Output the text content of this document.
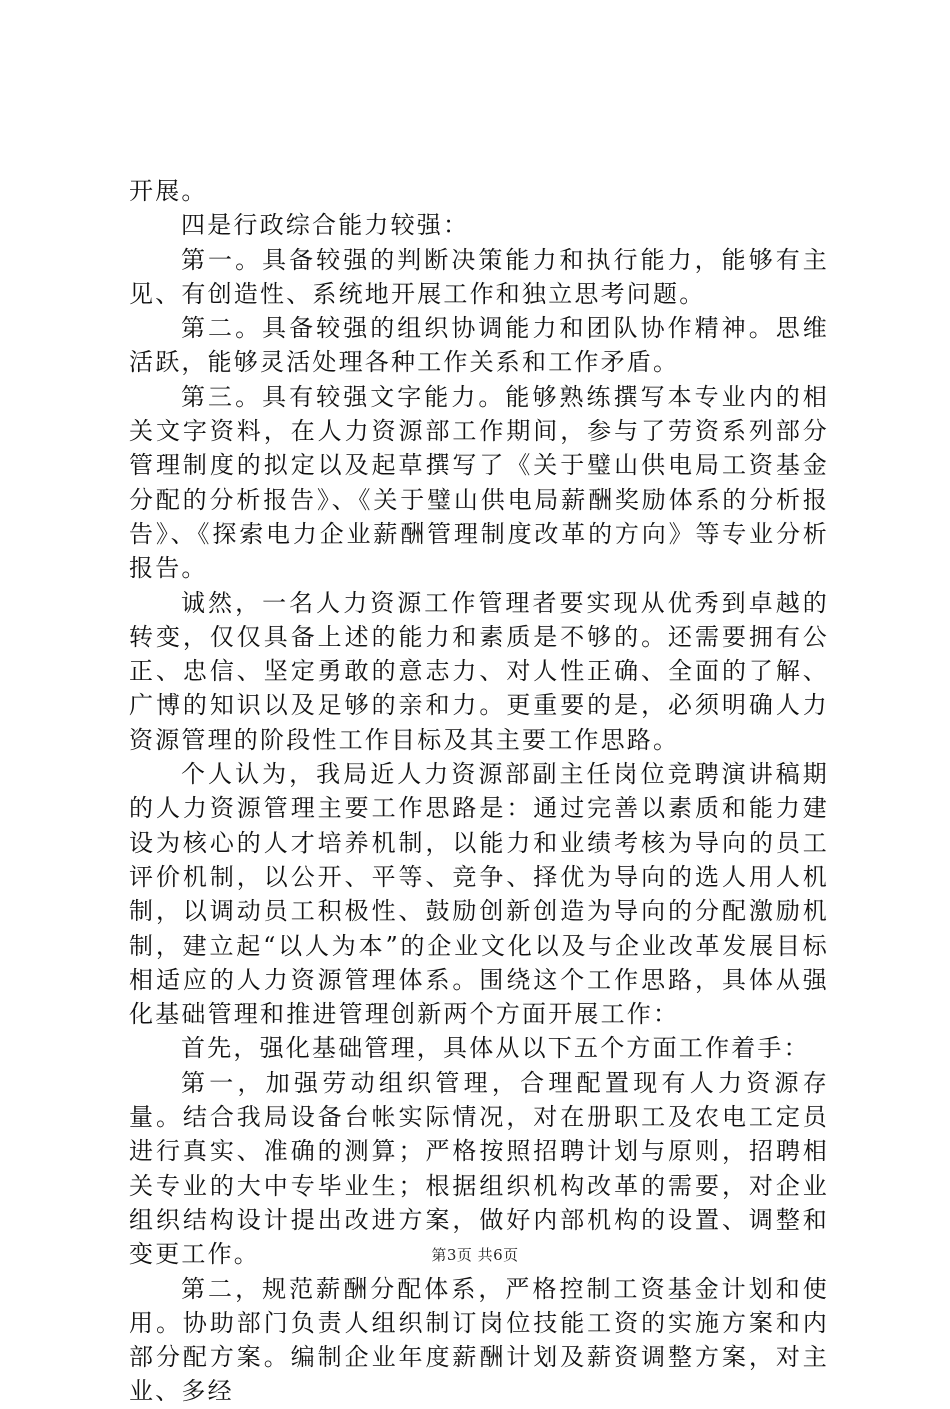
开展。

四是行政综合能力较强：

第一。具备较强的判断决策能力和执行能力，能够有主见、有创造性、系统地开展工作和独立思考问题。

第二。具备较强的组织协调能力和团队协作精神。思维活跃，能够灵活处理各种工作关系和工作矛盾。

第三。具有较强文字能力。能够熟练撰写本专业内的相关文字资料，在人力资源部工作期间，参与了劳资系列部分管理制度的拟定以及起草撰写了《关于璧山供电局工资基金分配的分析报告》、《关于璧山供电局薪酬奖励体系的分析报告》、《探索电力企业薪酬管理制度改革的方向》等专业分析报告。

诚然，一名人力资源工作管理者要实现从优秀到卓越的转变，仅仅具备上述的能力和素质是不够的。还需要拥有公正、忠信、坚定勇敢的意志力、对人性正确、全面的了解、广博的知识以及足够的亲和力。更重要的是，必须明确人力资源管理的阶段性工作目标及其主要工作思路。

个人认为，我局近人力资源部副主任岗位竞聘演讲稿期的人力资源管理主要工作思路是：通过完善以素质和能力建设为核心的人才培养机制，以能力和业绩考核为导向的员工评价机制，以公开、平等、竞争、择优为导向的选人用人机制，以调动员工积极性、鼓励创新创造为导向的分配激励机制，建立起“以人为本”的企业文化以及与企业改革发展目标相适应的人力资源管理体系。围绕这个工作思路，具体从强化基础管理和推进管理创新两个方面开展工作：

首先，强化基础管理，具体从以下五个方面工作着手：

第一，加强劳动组织管理，合理配置现有人力资源存量。结合我局设备台帐实际情况，对在册职工及农电工定员进行真实、准确的测算；严格按照招聘计划与原则，招聘相关专业的大中专毕业生；根据组织机构改革的需要，对企业组织结构设计提出改进方案，做好内部机构的设置、调整和变更工作。

第二，规范薪酬分配体系，严格控制工资基金计划和使用。协助部门负责人组织制订岗位技能工资的实施方案和内部分配方案。编制企业年度薪酬计划及薪资调整方案，对主业、多经

第3页 共6页
